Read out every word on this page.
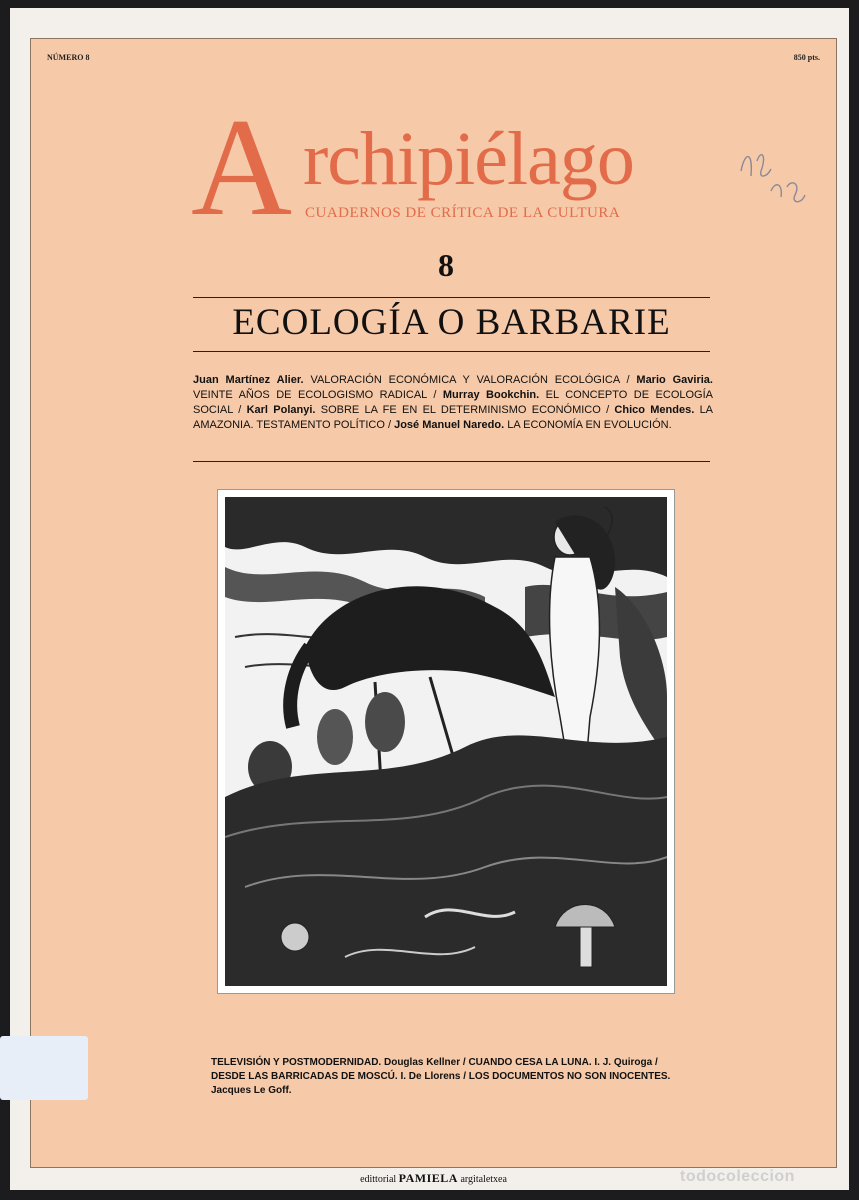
NÚMERO 8	850 pts.
A rchipiélago
CUADERNOS DE CRÍTICA DE LA CULTURA
8
ECOLOGÍA O BARBARIE
Juan Martínez Alier. VALORACIÓN ECONÓMICA Y VALORACIÓN ECOLÓGICA / Mario Gaviria. VEINTE AÑOS DE ECOLOGISMO RADICAL / Murray Bookchin. EL CONCEPTO DE ECOLOGÍA SOCIAL / Karl Polanyi. SOBRE LA FE EN EL DETERMINISMO ECONÓMICO / Chico Mendes. LA AMAZONIA. TESTAMENTO POLÍTICO / José Manuel Naredo. LA ECONOMÍA EN EVOLUCIÓN.
TELEVISIÓN Y POSTMODERNIDAD. Douglas Kellner / CUANDO CESA LA LUNA. I. J. Quiroga /
DESDE LAS BARRICADAS DE MOSCÚ. I. De Llorens / LOS DOCUMENTOS NO SON INOCENTES.
Jacques Le Goff.
edittorial PAMIELA argitaletxea	todocoleccion
